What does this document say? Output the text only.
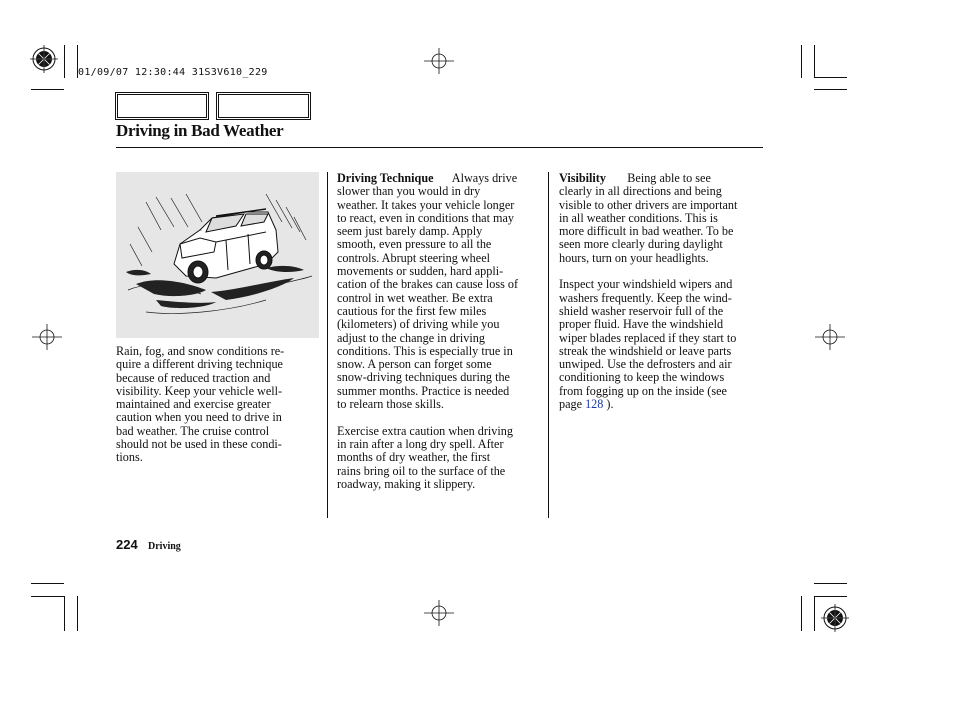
01/09/07 12:30:44 31S3V610_229
Driving in Bad Weather
Rain, fog, and snow conditions re-
quire a different driving technique
because of reduced traction and
visibility. Keep your vehicle well-
maintained and exercise greater
caution when you need to drive in
bad weather. The cruise control
should not be used in these condi-
tions.

Driving Technique Always drive
slower than you would in dry
weather. It takes your vehicle longer
to react, even in conditions that may
seem just barely damp. Apply
smooth, even pressure to all the
controls. Abrupt steering wheel
movements or sudden, hard appli-
cation of the brakes can cause loss of
control in wet weather. Be extra
cautious for the first few miles
(kilometers) of driving while you
adjust to the change in driving
conditions. This is especially true in
snow. A person can forget some
snow-driving techniques during the
summer months. Practice is needed
to relearn those skills.

Exercise extra caution when driving
in rain after a long dry spell. After
months of dry weather, the first
rains bring oil to the surface of the
roadway, making it slippery.

Visibility Being able to see
clearly in all directions and being
visible to other drivers are important
in all weather conditions. This is
more difficult in bad weather. To be
seen more clearly during daylight
hours, turn on your headlights.

Inspect your windshield wipers and
washers frequently. Keep the wind-
shield washer reservoir full of the
proper fluid. Have the windshield
wiper blades replaced if they start to
streak the windshield or leave parts
unwiped. Use the defrosters and air
conditioning to keep the windows
from fogging up on the inside (see
page 128 ).

224 Driving
